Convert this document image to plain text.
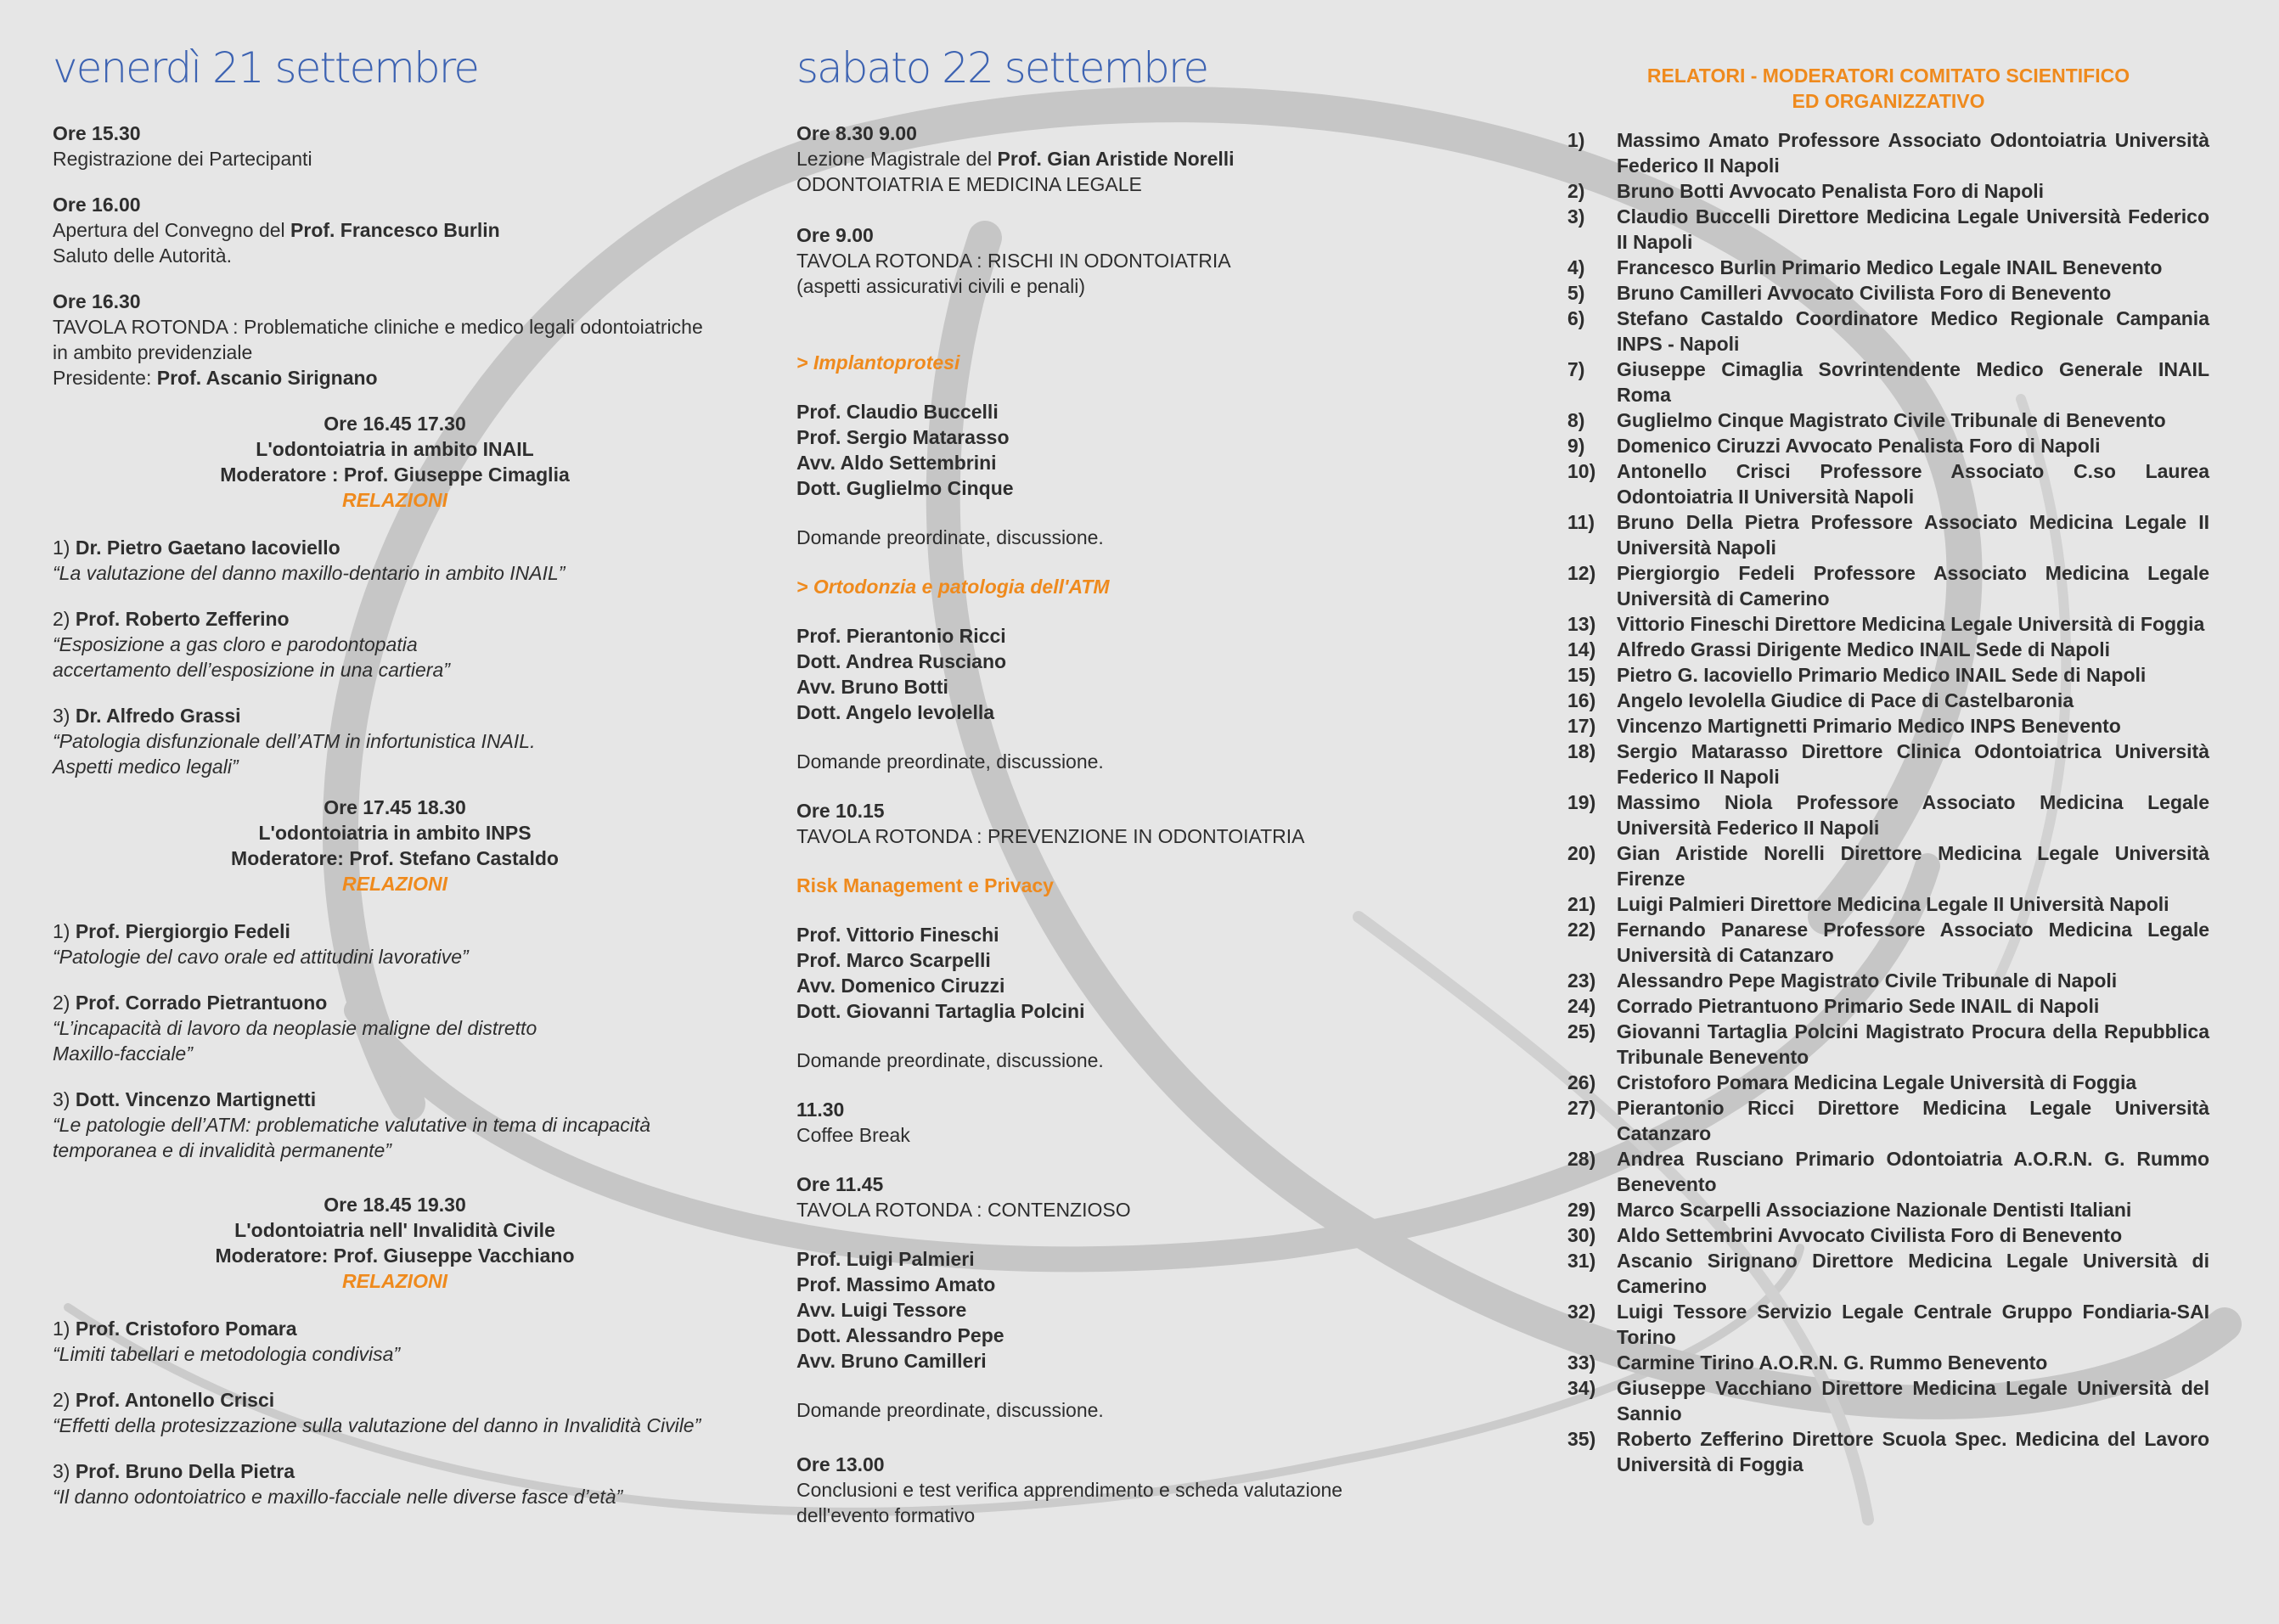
venerdì 21 settembre
Ore 15.30
Registrazione dei Partecipanti
Ore 16.00
Apertura del Convegno del Prof. Francesco Burlin
Saluto delle Autorità.
Ore 16.30
TAVOLA ROTONDA : Problematiche cliniche e medico legali odontoiatriche
in ambito previdenziale
Presidente: Prof. Ascanio Sirignano
Ore 16.45 17.30
L'odontoiatria in ambito INAIL
Moderatore : Prof. Giuseppe Cimaglia
RELAZIONI
1) Dr. Pietro Gaetano Iacoviello
“La valutazione del danno maxillo-dentario in ambito INAIL”
2) Prof. Roberto Zefferino
“Esposizione a gas cloro e parodontopatia
accertamento dell’esposizione in una cartiera”
3) Dr. Alfredo Grassi
“Patologia disfunzionale dell’ATM in infortunistica INAIL.
Aspetti medico legali”
Ore 17.45 18.30
L'odontoiatria in ambito INPS
Moderatore: Prof. Stefano Castaldo
RELAZIONI
1) Prof. Piergiorgio Fedeli
“Patologie del cavo orale ed attitudini lavorative”
2) Prof. Corrado Pietrantuono
“L’incapacità di lavoro da neoplasie maligne del distretto
Maxillo-facciale”
3) Dott. Vincenzo Martignetti
“Le patologie dell’ATM: problematiche valutative in tema di incapacità
temporanea e di invalidità permanente”
Ore 18.45 19.30
L'odontoiatria nell' Invalidità Civile
Moderatore: Prof. Giuseppe Vacchiano
RELAZIONI
1) Prof. Cristoforo Pomara
“Limiti tabellari e metodologia condivisa”
2) Prof. Antonello Crisci
“Effetti della protesizzazione sulla valutazione del danno in Invalidità Civile”
3) Prof. Bruno Della Pietra
“Il danno odontoiatrico e maxillo-facciale nelle diverse fasce d’età”
sabato 22 settembre
Ore 8.30 9.00
Lezione Magistrale del Prof. Gian Aristide Norelli
ODONTOIATRIA E MEDICINA LEGALE
Ore 9.00
TAVOLA ROTONDA : RISCHI IN ODONTOIATRIA
(aspetti assicurativi civili e penali)
> Implantoprotesi
Prof. Claudio Buccelli
Prof. Sergio Matarasso
Avv. Aldo Settembrini
Dott. Guglielmo Cinque
Domande preordinate, discussione.
> Ortodonzia e patologia dell'ATM
Prof. Pierantonio Ricci
Dott. Andrea Rusciano
Avv. Bruno Botti
Dott. Angelo Ievolella
Domande preordinate, discussione.
Ore 10.15
TAVOLA ROTONDA : PREVENZIONE IN ODONTOIATRIA
Risk Management e Privacy
Prof. Vittorio Fineschi
Prof. Marco Scarpelli
Avv. Domenico Ciruzzi
Dott. Giovanni Tartaglia Polcini
Domande preordinate, discussione.
11.30
Coffee Break
Ore 11.45
TAVOLA ROTONDA : CONTENZIOSO
Prof. Luigi Palmieri
Prof. Massimo Amato
Avv. Luigi Tessore
Dott. Alessandro Pepe
Avv. Bruno Camilleri
Domande preordinate, discussione.
Ore 13.00
Conclusioni e test verifica apprendimento e scheda valutazione
dell'evento formativo
RELATORI - MODERATORI COMITATO SCIENTIFICO
ED ORGANIZZATIVO
1)	Massimo Amato Professore Associato Odontoiatria Università Federico II Napoli
2)	Bruno Botti Avvocato Penalista Foro di Napoli
3)	Claudio Buccelli Direttore Medicina Legale Università Federico II Napoli
4)	Francesco Burlin Primario Medico Legale INAIL Benevento
5)	Bruno Camilleri Avvocato Civilista Foro di Benevento
6)	Stefano Castaldo Coordinatore Medico Regionale Campania INPS - Napoli
7)	Giuseppe Cimaglia Sovrintendente Medico Generale INAIL Roma
8)	Guglielmo Cinque Magistrato Civile Tribunale di Benevento
9)	Domenico Ciruzzi Avvocato Penalista Foro di Napoli
10)	Antonello Crisci Professore Associato C.so Laurea Odontoiatria II Università Napoli
11)	Bruno Della Pietra Professore Associato Medicina Legale II Università Napoli
12)	Piergiorgio Fedeli Professore Associato Medicina Legale Università di Camerino
13)	Vittorio Fineschi Direttore Medicina Legale Università di Foggia
14)	Alfredo Grassi Dirigente Medico INAIL Sede di Napoli
15)	Pietro G. Iacoviello Primario Medico INAIL Sede di Napoli
16)	Angelo Ievolella Giudice di Pace di Castelbaronia
17)	Vincenzo Martignetti Primario Medico INPS Benevento
18)	Sergio Matarasso Direttore Clinica Odontoiatrica Università Federico II Napoli
19)	Massimo Niola Professore Associato Medicina Legale Università Federico II Napoli
20)	Gian Aristide Norelli Direttore Medicina Legale Università Firenze
21)	Luigi Palmieri Direttore Medicina Legale II Università Napoli
22)	Fernando Panarese Professore Associato Medicina Legale Università di Catanzaro
23)	Alessandro Pepe Magistrato Civile Tribunale di Napoli
24)	Corrado Pietrantuono Primario Sede INAIL di Napoli
25)	Giovanni Tartaglia Polcini Magistrato Procura della Repubblica Tribunale Benevento
26)	Cristoforo Pomara Medicina Legale Università di Foggia
27)	Pierantonio Ricci Direttore Medicina Legale Università Catanzaro
28)	Andrea Rusciano Primario Odontoiatria A.O.R.N. G. Rummo Benevento
29)	Marco Scarpelli Associazione Nazionale Dentisti Italiani
30)	Aldo Settembrini Avvocato Civilista Foro di Benevento
31)	Ascanio Sirignano Direttore Medicina Legale Università di Camerino
32)	Luigi Tessore Servizio Legale Centrale Gruppo Fondiaria-SAI Torino
33)	Carmine Tirino A.O.R.N. G. Rummo Benevento
34)	Giuseppe Vacchiano Direttore Medicina Legale Università del Sannio
35)	Roberto Zefferino Direttore Scuola Spec. Medicina del Lavoro Università di Foggia
